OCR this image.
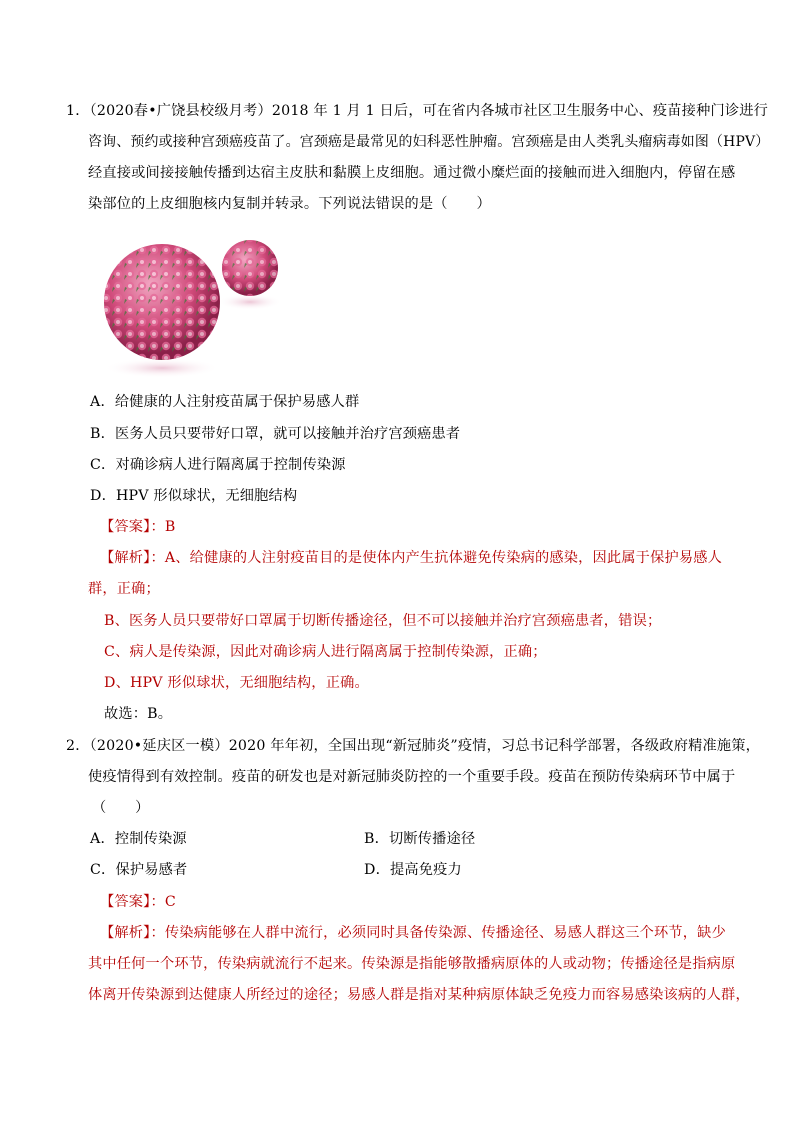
1．（2020春•广饶县校级月考）2018 年 1 月 1 日后，可在省内各城市社区卫生服务中心、疫苗接种门诊进行
咨询、预约或接种宫颈癌疫苗了。宫颈癌是最常见的妇科恶性肿瘤。宫颈癌是由人类乳头瘤病毒如图（HPV）
经直接或间接接触传播到达宿主皮肤和黏膜上皮细胞。通过微小糜烂面的接触而进入细胞内，停留在感
染部位的上皮细胞核内复制并转录。下列说法错误的是（　　）
A．给健康的人注射疫苗属于保护易感人群
B．医务人员只要带好口罩，就可以接触并治疗宫颈癌患者
C．对确诊病人进行隔离属于控制传染源
D．HPV 形似球状，无细胞结构
【答案】：B
【解析】：A、给健康的人注射疫苗目的是使体内产生抗体避免传染病的感染，因此属于保护易感人
群，正确；
B、医务人员只要带好口罩属于切断传播途径，但不可以接触并治疗宫颈癌患者，错误；
C、病人是传染源，因此对确诊病人进行隔离属于控制传染源，正确；
D、HPV 形似球状，无细胞结构，正确。
故选：B。
2．（2020•延庆区一模）2020 年年初，全国出现“新冠肺炎”疫情，习总书记科学部署，各级政府精准施策，
使疫情得到有效控制。疫苗的研发也是对新冠肺炎防控的一个重要手段。疫苗在预防传染病环节中属于
（　　）
A．控制传染源	B．切断传播途径
C．保护易感者	D．提高免疫力
【答案】：C
【解析】：传染病能够在人群中流行，必须同时具备传染源、传播途径、易感人群这三个环节，缺少
其中任何一个环节，传染病就流行不起来。传染源是指能够散播病原体的人或动物；传播途径是指病原
体离开传染源到达健康人所经过的途径；易感人群是指对某种病原体缺乏免疫力而容易感染该病的人群，
